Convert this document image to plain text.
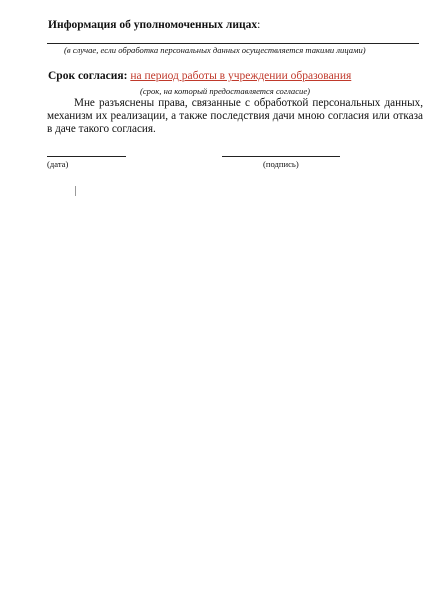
Информация об уполномоченных лицах:
(в случае, если обработка персональных данных осуществляется такими лицами)
Срок согласия: на период работы в учреждении образования
(срок, на который предоставляется согласие)
Мне разъяснены права, связанные с обработкой персональных данных, механизм их реализации, а также последствия дачи мною согласия или отказа в даче такого согласия.
(дата)	(подпись)
